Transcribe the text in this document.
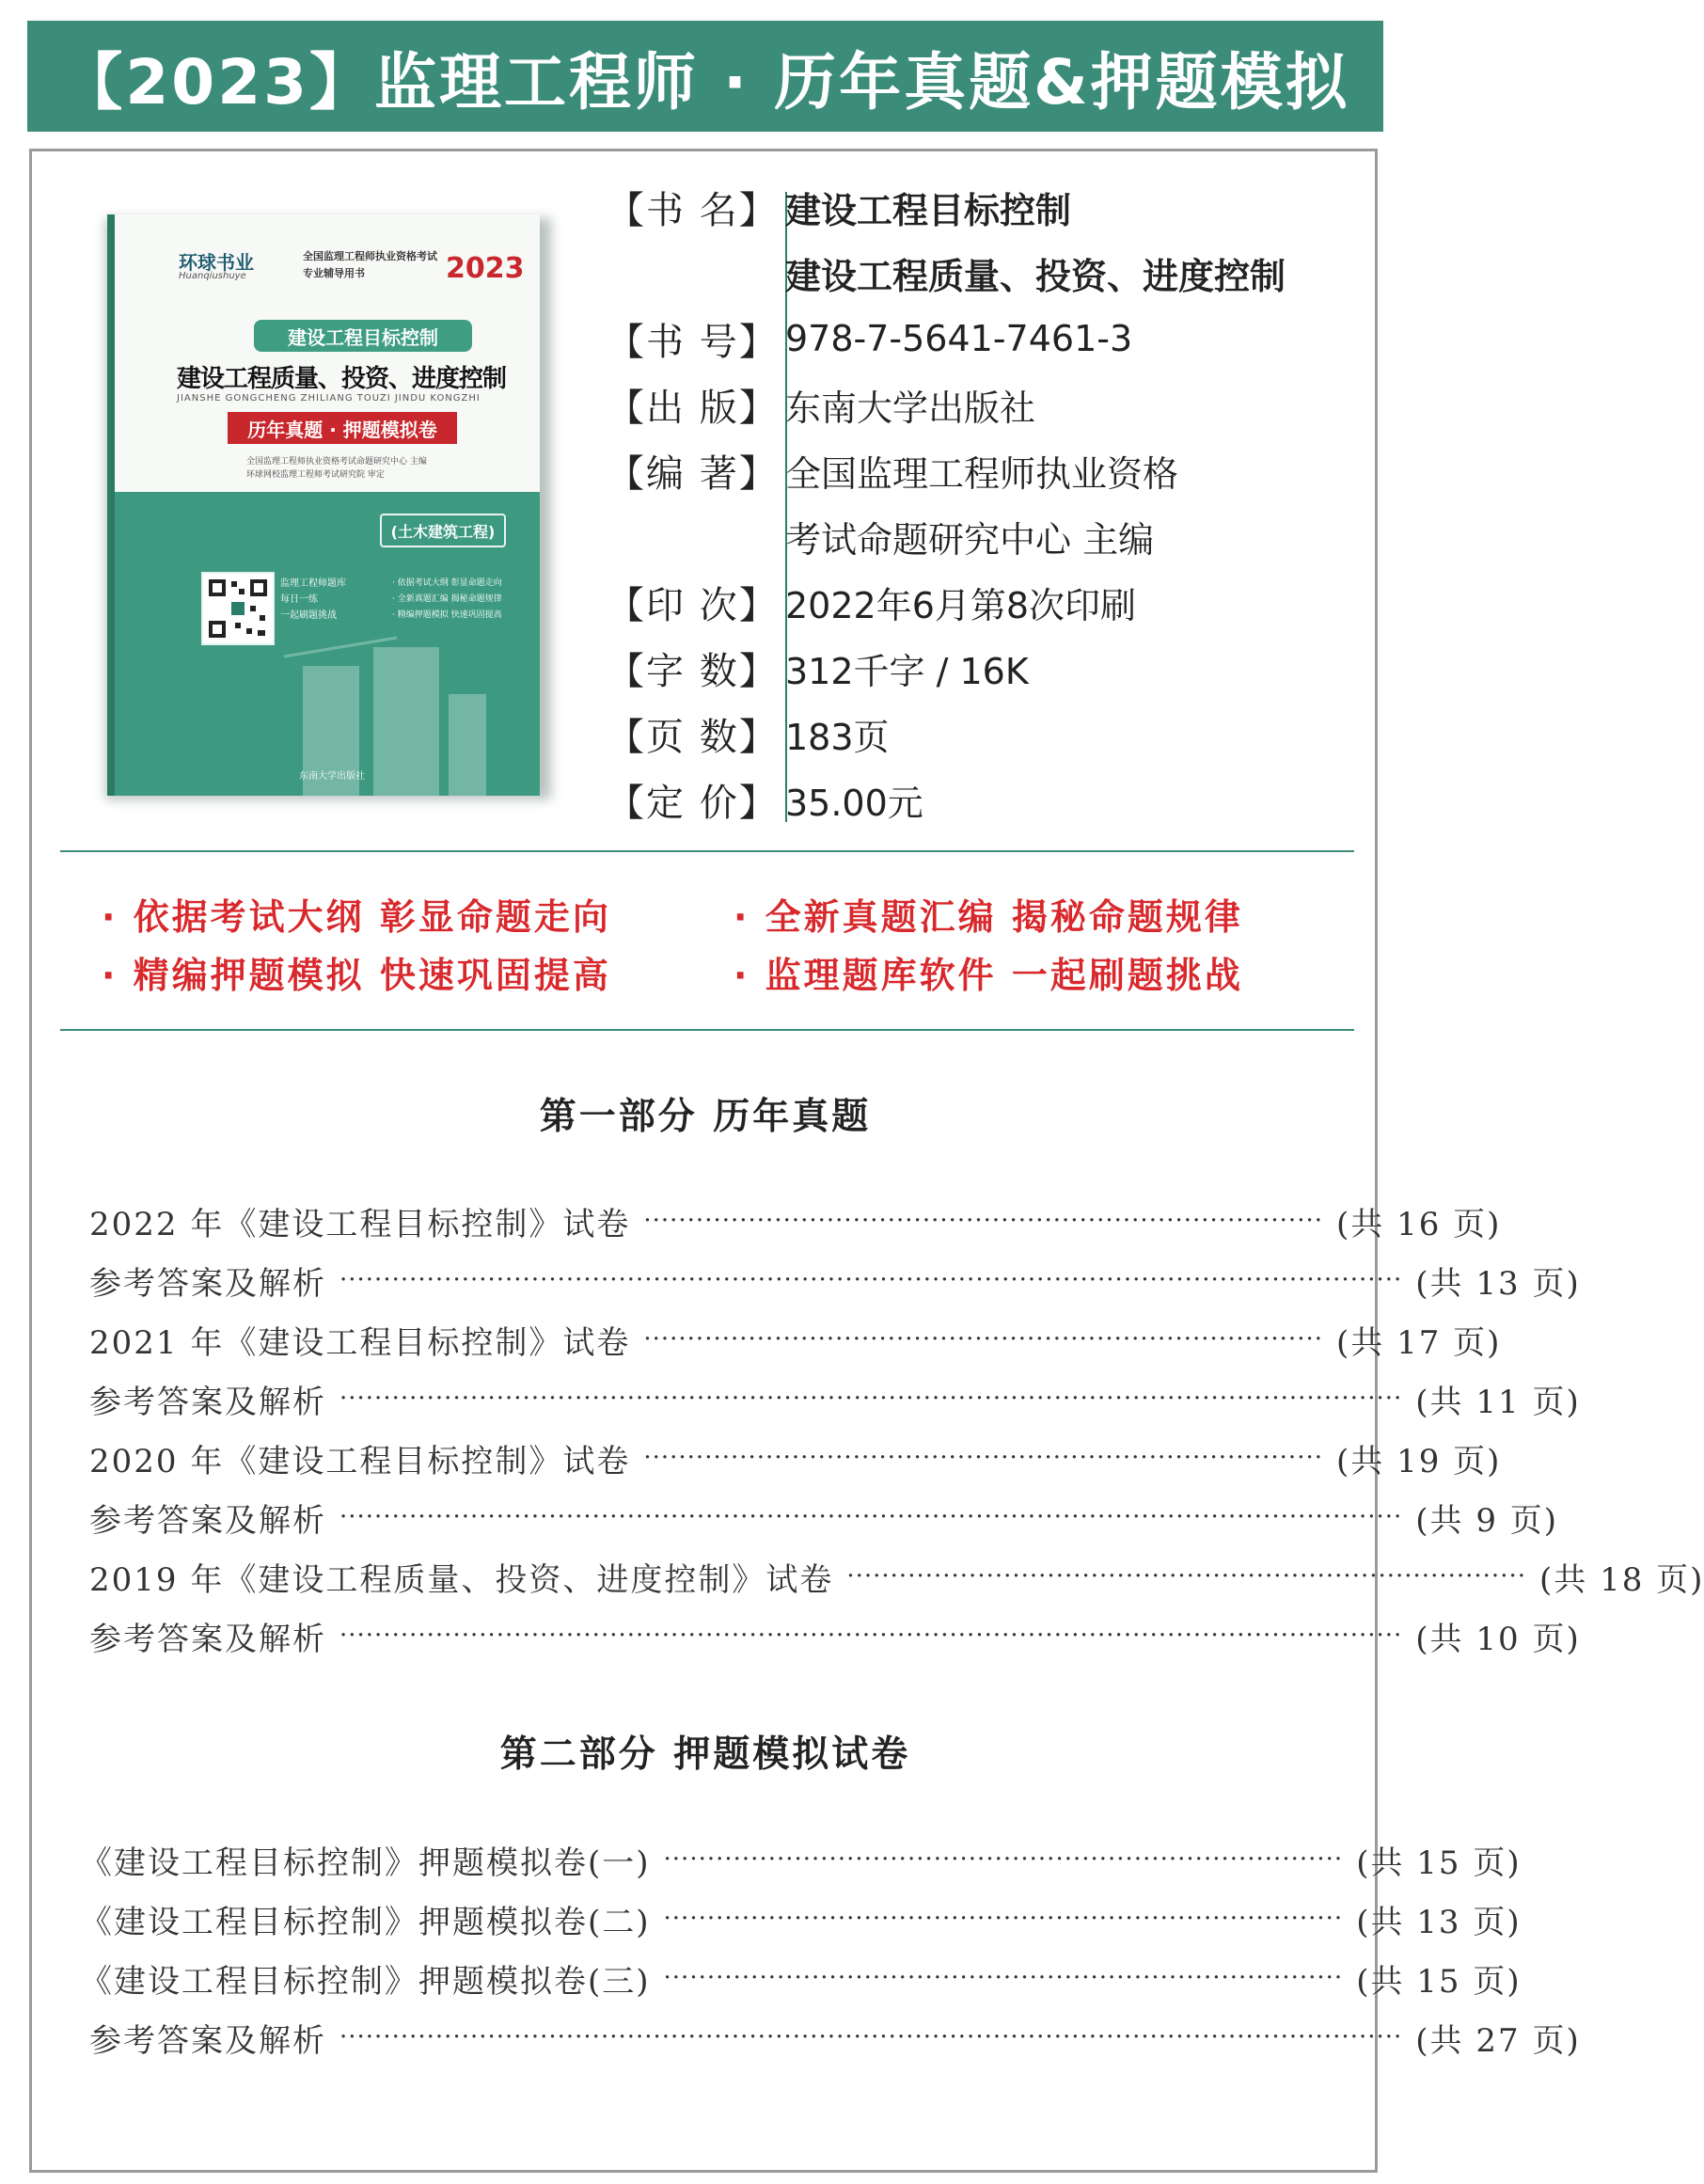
【2023】监理工程师 · 历年真题&押题模拟
环球书业
Huanqiushuye
全国监理工程师执业资格考试专业辅导用书	2023
建设工程目标控制
建设工程质量、投资、进度控制
JIANSHE GONGCHENG ZHILIANG TOUZI JINDU KONGZHI
历年真题 · 押题模拟卷
全国监理工程师执业资格考试命题研究中心 主编
环球网校监理工程师考试研究院 审定
(土木建筑工程)
监理工程师题库
每日一练
一起刷题挑战
· 依据考试大纲 彰显命题走向
· 全新真题汇编 揭秘命题规律
· 精编押题模拟 快速巩固提高
东南大学出版社
【书 名】 建设工程目标控制
建设工程质量、投资、进度控制
【书 号】 978-7-5641-7461-3
【出 版】 东南大学出版社
【编 著】 全国监理工程师执业资格
考试命题研究中心 主编
【印 次】 2022年6月第8次印刷
【字 数】 312千字 / 16K
【页 数】 183页
【定 价】 35.00元
· 依据考试大纲 彰显命题走向	· 全新真题汇编 揭秘命题规律
· 精编押题模拟 快速巩固提高	· 监理题库软件 一起刷题挑战
第一部分 历年真题
2022 年《建设工程目标控制》试卷 ·············································································· (共 16 页)
参考答案及解析 ·························································································································· (共 13 页)
2021 年《建设工程目标控制》试卷 ·············································································· (共 17 页)
参考答案及解析 ·························································································································· (共 11 页)
2020 年《建设工程目标控制》试卷 ·············································································· (共 19 页)
参考答案及解析 ·························································································································· (共 9 页)
2019 年《建设工程质量、投资、进度控制》试卷 ·············································································· (共 18 页)
参考答案及解析 ·························································································································· (共 10 页)
第二部分 押题模拟试卷
《建设工程目标控制》押题模拟卷(一) ·············································································· (共 15 页)
《建设工程目标控制》押题模拟卷(二) ·············································································· (共 13 页)
《建设工程目标控制》押题模拟卷(三) ·············································································· (共 15 页)
参考答案及解析 ·························································································································· (共 27 页)
